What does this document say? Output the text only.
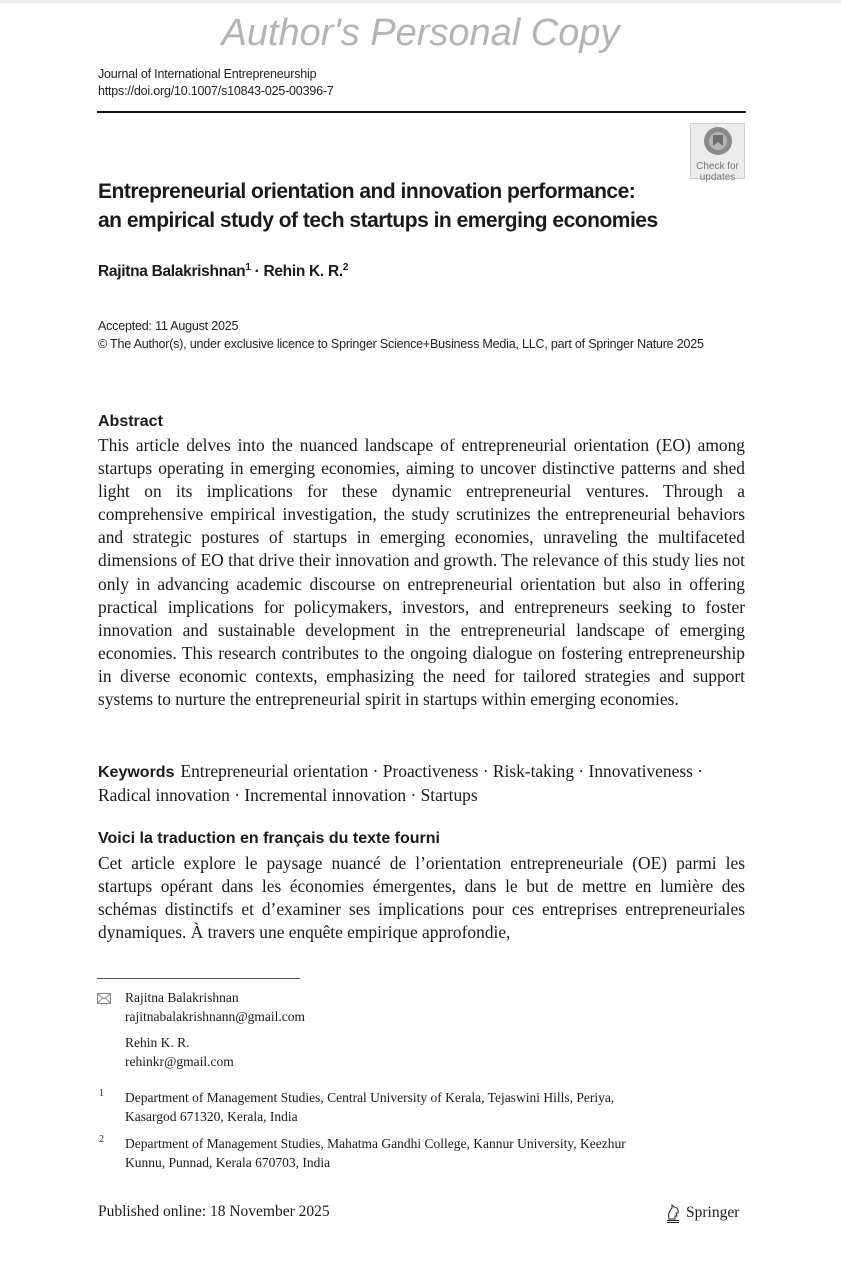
Author's Personal Copy
Journal of International Entrepreneurship
https://doi.org/10.1007/s10843-025-00396-7
Check for
updates
Entrepreneurial orientation and innovation performance:
an empirical study of tech startups in emerging economies
Rajitna Balakrishnan$^1$ · Rehin K. R.$^2$
Accepted: 11 August 2025
© The Author(s), under exclusive licence to Springer Science+Business Media, LLC, part of Springer Nature 2025
Abstract
This article delves into the nuanced landscape of entrepreneurial orientation (EO) among startups operating in emerging economies, aiming to uncover distinctive patterns and shed light on its implications for these dynamic entrepreneurial ventures. Through a comprehensive empirical investigation, the study scrutinizes the entrepreneurial behaviors and strategic postures of startups in emerging economies, unraveling the multifaceted dimensions of EO that drive their innovation and growth. The relevance of this study lies not only in advancing academic discourse on entrepreneurial orientation but also in offering practical implications for policymakers, investors, and entrepreneurs seeking to foster innovation and sustainable development in the entrepreneurial landscape of emerging economies. This research contributes to the ongoing dialogue on fostering entrepreneurship in diverse economic contexts, emphasizing the need for tailored strategies and support systems to nurture the entrepreneurial spirit in startups within emerging economies.
Keywords Entrepreneurial orientation · Proactiveness · Risk-taking · Innovativeness · Radical innovation · Incremental innovation · Startups
Voici la traduction en français du texte fourni
Cet article explore le paysage nuancé de l’orientation entrepreneuriale (OE) parmi les startups opérant dans les économies émergentes, dans le but de mettre en lumière des schémas distinctifs et d’examiner ses implications pour ces entreprises entrepreneuriales dynamiques. À travers une enquête empirique approfondie,
Rajitna Balakrishnan
rajitnabalakrishnann@gmail.com
Rehin K. R.
rehinkr@gmail.com
1 Department of Management Studies, Central University of Kerala, Tejaswini Hills, Periya,
Kasargod 671320, Kerala, India
2 Department of Management Studies, Mahatma Gandhi College, Kannur University, Keezhur
Kunnu, Punnad, Kerala 670703, India
Published online: 18 November 2025	Springer
